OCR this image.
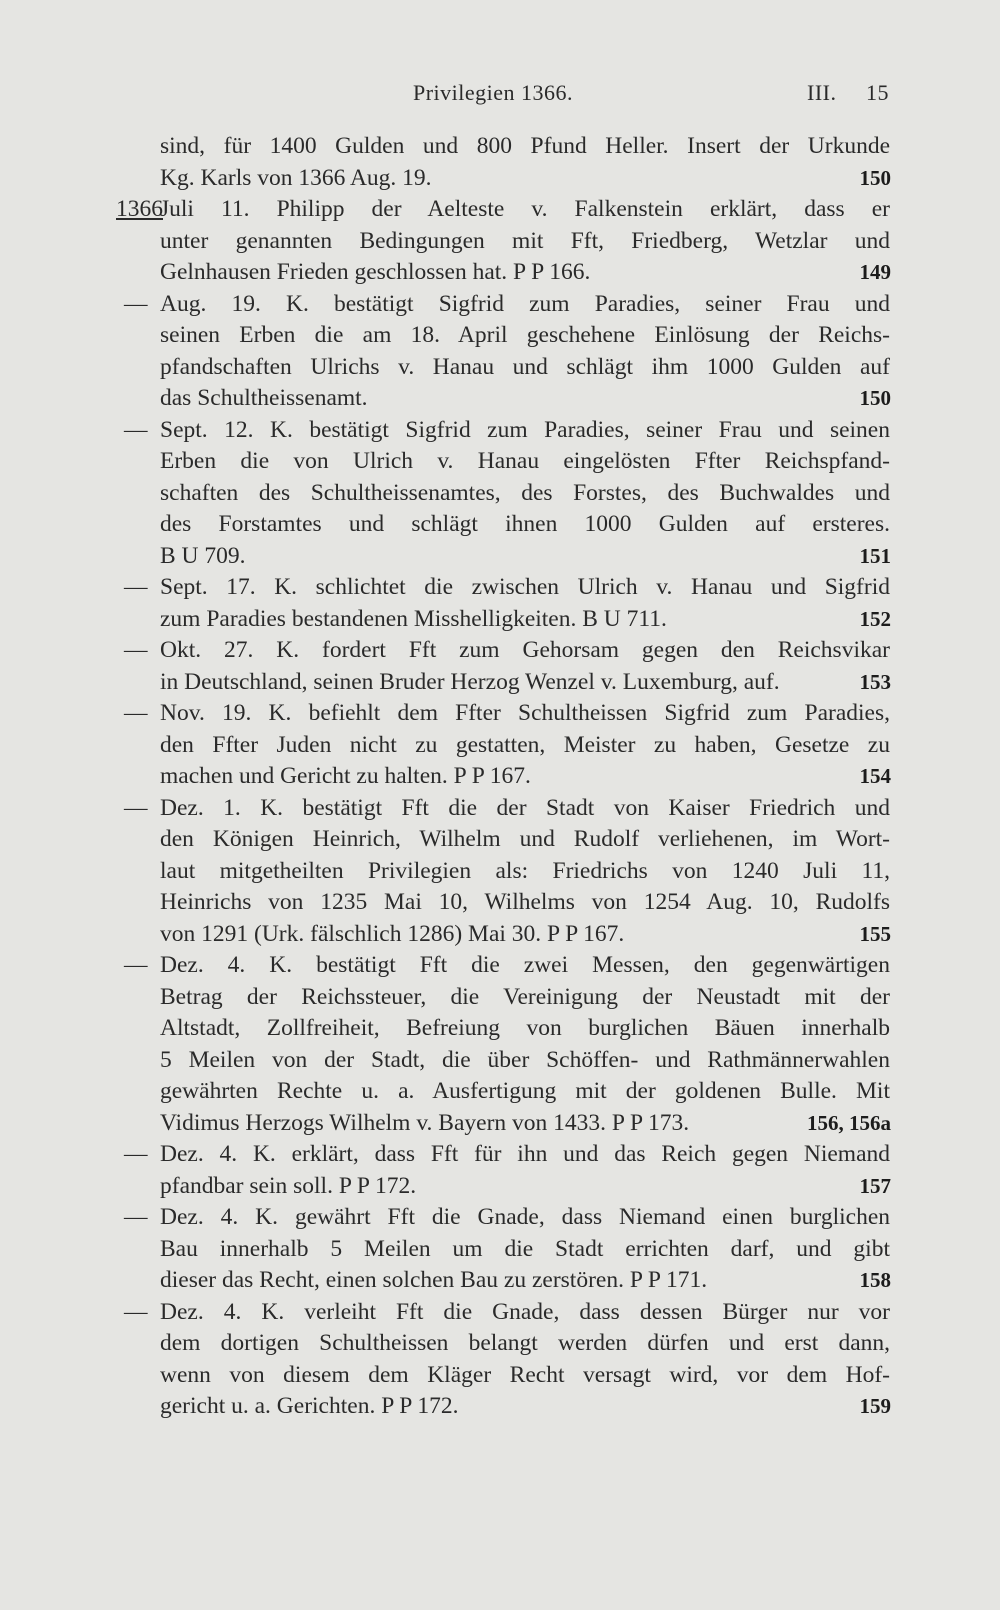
Privilegien 1366.	III. 15
sind, für 1400 Gulden und 800 Pfund Heller. Insert der Urkunde
Kg. Karls von 1366 Aug. 19.	150
1366
Juli 11. Philipp der Aelteste v. Falkenstein erklärt, dass er
unter genannten Bedingungen mit Fft, Friedberg, Wetzlar und
Gelnhausen Frieden geschlossen hat. P P 166.	149
— Aug. 19. K. bestätigt Sigfrid zum Paradies, seiner Frau und
seinen Erben die am 18. April geschehene Einlösung der Reichs-
pfandschaften Ulrichs v. Hanau und schlägt ihm 1000 Gulden auf
das Schultheissenamt.	150
— Sept. 12. K. bestätigt Sigfrid zum Paradies, seiner Frau und seinen
Erben die von Ulrich v. Hanau eingelösten Ffter Reichspfand-
schaften des Schultheissenamtes, des Forstes, des Buchwaldes und
des Forstamtes und schlägt ihnen 1000 Gulden auf ersteres.
B U 709.	151
— Sept. 17. K. schlichtet die zwischen Ulrich v. Hanau und Sigfrid
zum Paradies bestandenen Misshelligkeiten. B U 711.	152
— Okt. 27. K. fordert Fft zum Gehorsam gegen den Reichsvikar
in Deutschland, seinen Bruder Herzog Wenzel v. Luxemburg, auf.	153
— Nov. 19. K. befiehlt dem Ffter Schultheissen Sigfrid zum Paradies,
den Ffter Juden nicht zu gestatten, Meister zu haben, Gesetze zu
machen und Gericht zu halten. P P 167.	154
— Dez. 1. K. bestätigt Fft die der Stadt von Kaiser Friedrich und
den Königen Heinrich, Wilhelm und Rudolf verliehenen, im Wort-
laut mitgetheilten Privilegien als: Friedrichs von 1240 Juli 11,
Heinrichs von 1235 Mai 10, Wilhelms von 1254 Aug. 10, Rudolfs
von 1291 (Urk. fälschlich 1286) Mai 30. P P 167.	155
— Dez. 4. K. bestätigt Fft die zwei Messen, den gegenwärtigen
Betrag der Reichssteuer, die Vereinigung der Neustadt mit der
Altstadt, Zollfreiheit, Befreiung von burglichen Bäuen innerhalb
5 Meilen von der Stadt, die über Schöffen- und Rathmännerwahlen
gewährten Rechte u. a. Ausfertigung mit der goldenen Bulle. Mit
Vidimus Herzogs Wilhelm v. Bayern von 1433. P P 173.	156, 156a
— Dez. 4. K. erklärt, dass Fft für ihn und das Reich gegen Niemand
pfandbar sein soll. P P 172.	157
— Dez. 4. K. gewährt Fft die Gnade, dass Niemand einen burglichen
Bau innerhalb 5 Meilen um die Stadt errichten darf, und gibt
dieser das Recht, einen solchen Bau zu zerstören. P P 171.	158
— Dez. 4. K. verleiht Fft die Gnade, dass dessen Bürger nur vor
dem dortigen Schultheissen belangt werden dürfen und erst dann,
wenn von diesem dem Kläger Recht versagt wird, vor dem Hof-
gericht u. a. Gerichten. P P 172.	159
